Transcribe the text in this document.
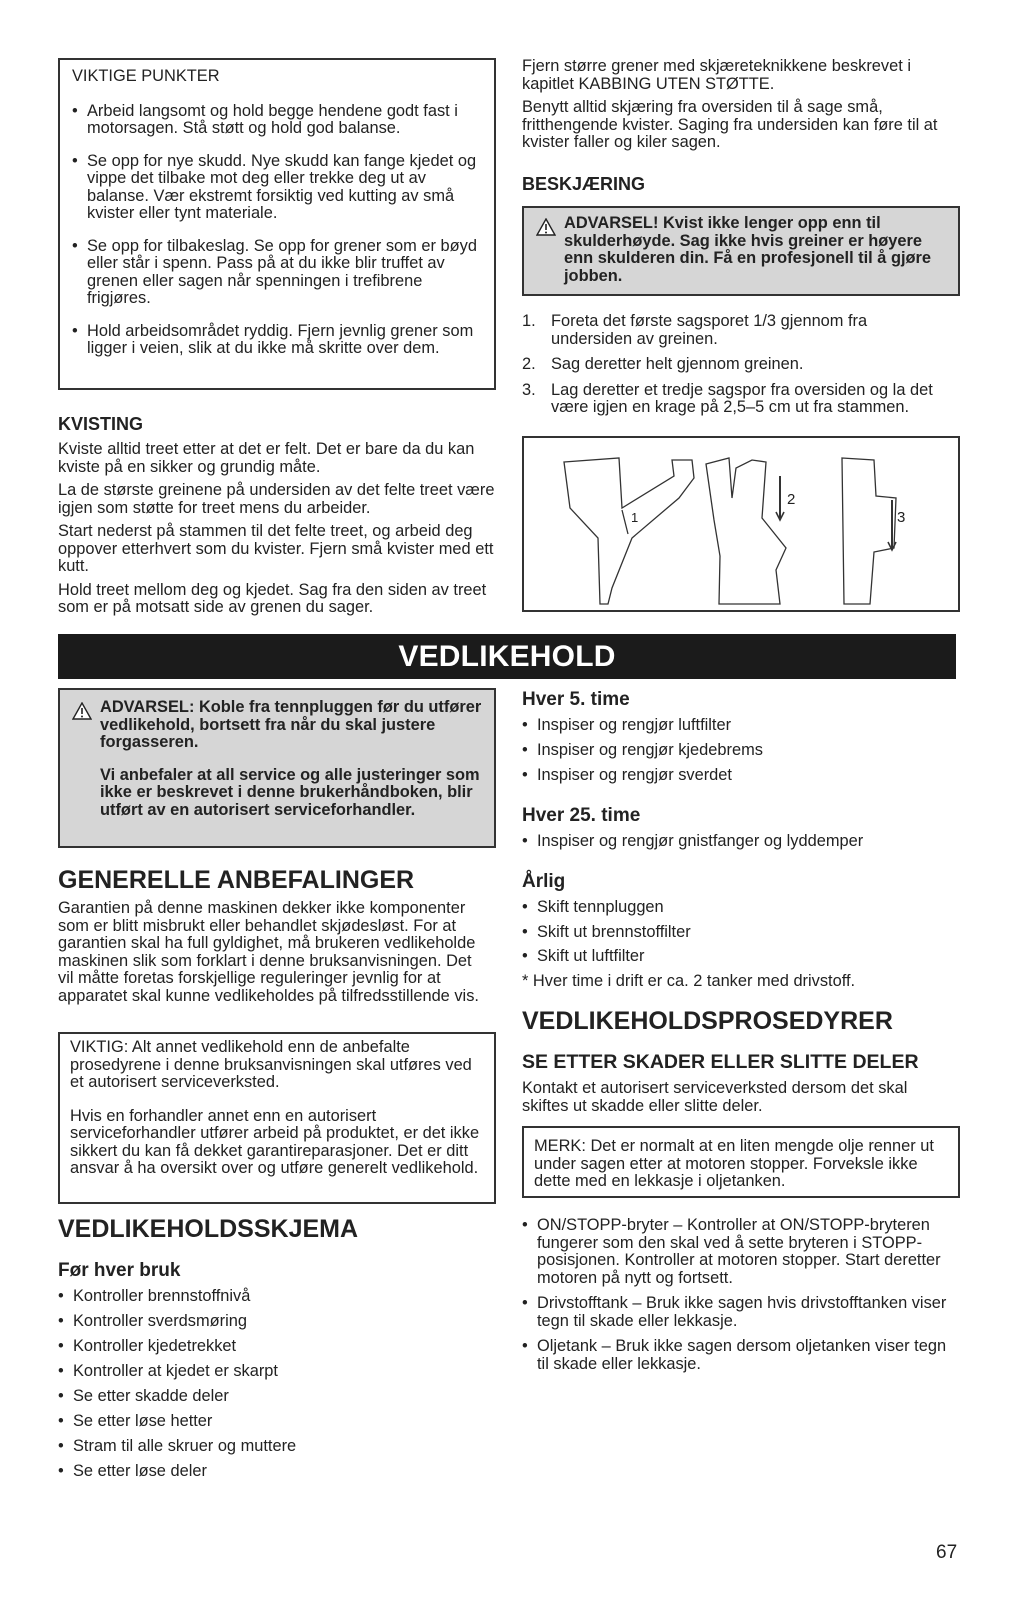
VIKTIGE PUNKTER

• Arbeid langsomt og hold begge hendene godt fast i motorsagen. Stå støtt og hold god balanse.
• Se opp for nye skudd. Nye skudd kan fange kjedet og vippe det tilbake mot deg eller trekke deg ut av balanse. Vær ekstremt forsiktig ved kutting av små kvister eller tynt materiale.
• Se opp for tilbakeslag. Se opp for grener som er bøyd eller står i spenn. Pass på at du ikke blir truffet av grenen eller sagen når spenningen i trefibrene frigjøres.
• Hold arbeidsområdet ryddig. Fjern jevnlig grener som ligger i veien, slik at du ikke må skritte over dem.
KVISTING

Kviste alltid treet etter at det er felt. Det er bare da du kan kviste på en sikker og grundig måte.

La de største greinene på undersiden av det felte treet være igjen som støtte for treet mens du arbeider.

Start nederst på stammen til det felte treet, og arbeid deg oppover etterhvert som du kvister. Fjern små kvister med ett kutt.

Hold treet mellom deg og kjedet. Sag fra den siden av treet som er på motsatt side av grenen du sager.

Fjern større grener med skjæreteknikkene beskrevet i kapitlet KABBING UTEN STØTTE.

Benytt alltid skjæring fra oversiden til å sage små, fritthengende kvister. Saging fra undersiden kan føre til at kvister faller og kiler sagen.

BESKJÆRING

ADVARSEL! Kvist ikke lenger opp enn til skulderhøyde. Sag ikke hvis greiner er høyere enn skulderen din. Få en profesjonell til å gjøre jobben.

1. Foreta det første sagsporet 1/3 gjennom fra undersiden av greinen.
2. Sag deretter helt gjennom greinen.
3. Lag deretter et tredje sagspor fra oversiden og la det være igjen en krage på 2,5–5 cm ut fra stammen.
1
2
3
VEDLIKEHOLD

ADVARSEL: Koble fra tennpluggen før du utfører vedlikehold, bortsett fra når du skal justere forgasseren.

Vi anbefaler at all service og alle justeringer som ikke er beskrevet i denne brukerhåndboken, blir utført av en autorisert serviceforhandler.

GENERELLE ANBEFALINGER

Garantien på denne maskinen dekker ikke komponenter som er blitt misbrukt eller behandlet skjødesløst. For at garantien skal ha full gyldighet, må brukeren vedlikeholde maskinen slik som forklart i denne bruksanvisningen. Det vil måtte foretas forskjellige reguleringer jevnlig for at apparatet skal kunne vedlikeholdes på tilfredsstillende vis.

VIKTIG: Alt annet vedlikehold enn de anbefalte prosedyrene i denne bruksanvisningen skal utføres ved et autorisert serviceverksted.

Hvis en forhandler annet enn en autorisert serviceforhandler utfører arbeid på produktet, er det ikke sikkert du kan få dekket garantireparasjoner. Det er ditt ansvar å ha oversikt over og utføre generelt vedlikehold.

VEDLIKEHOLDSSKJEMA
Før hver bruk
• Kontroller brennstoffnivå
• Kontroller sverdsmøring
• Kontroller kjedetrekket
• Kontroller at kjedet er skarpt
• Se etter skadde deler
• Se etter løse hetter
• Stram til alle skruer og muttere
• Se etter løse deler
Hver 5. time
• Inspiser og rengjør luftfilter
• Inspiser og rengjør kjedebrems
• Inspiser og rengjør sverdet
Hver 25. time
• Inspiser og rengjør gnistfanger og lyddemper
Årlig
• Skift tennpluggen
• Skift ut brennstoffilter
• Skift ut luftfilter

* Hver time i drift er ca. 2 tanker med drivstoff.

VEDLIKEHOLDSPROSEDYRER
SE ETTER SKADER ELLER SLITTE DELER

Kontakt et autorisert serviceverksted dersom det skal skiftes ut skadde eller slitte deler.

MERK: Det er normalt at en liten mengde olje renner ut under sagen etter at motoren stopper. Forveksle ikke dette med en lekkasje i oljetanken.

• ON/STOPP-bryter – Kontroller at ON/STOPP-bryteren fungerer som den skal ved å sette bryteren i STOPP-posisjonen. Kontroller at motoren stopper. Start deretter motoren på nytt og fortsett.
• Drivstofftank – Bruk ikke sagen hvis drivstofftanken viser tegn til skade eller lekkasje.
• Oljetank – Bruk ikke sagen dersom oljetanken viser tegn til skade eller lekkasje.

67
